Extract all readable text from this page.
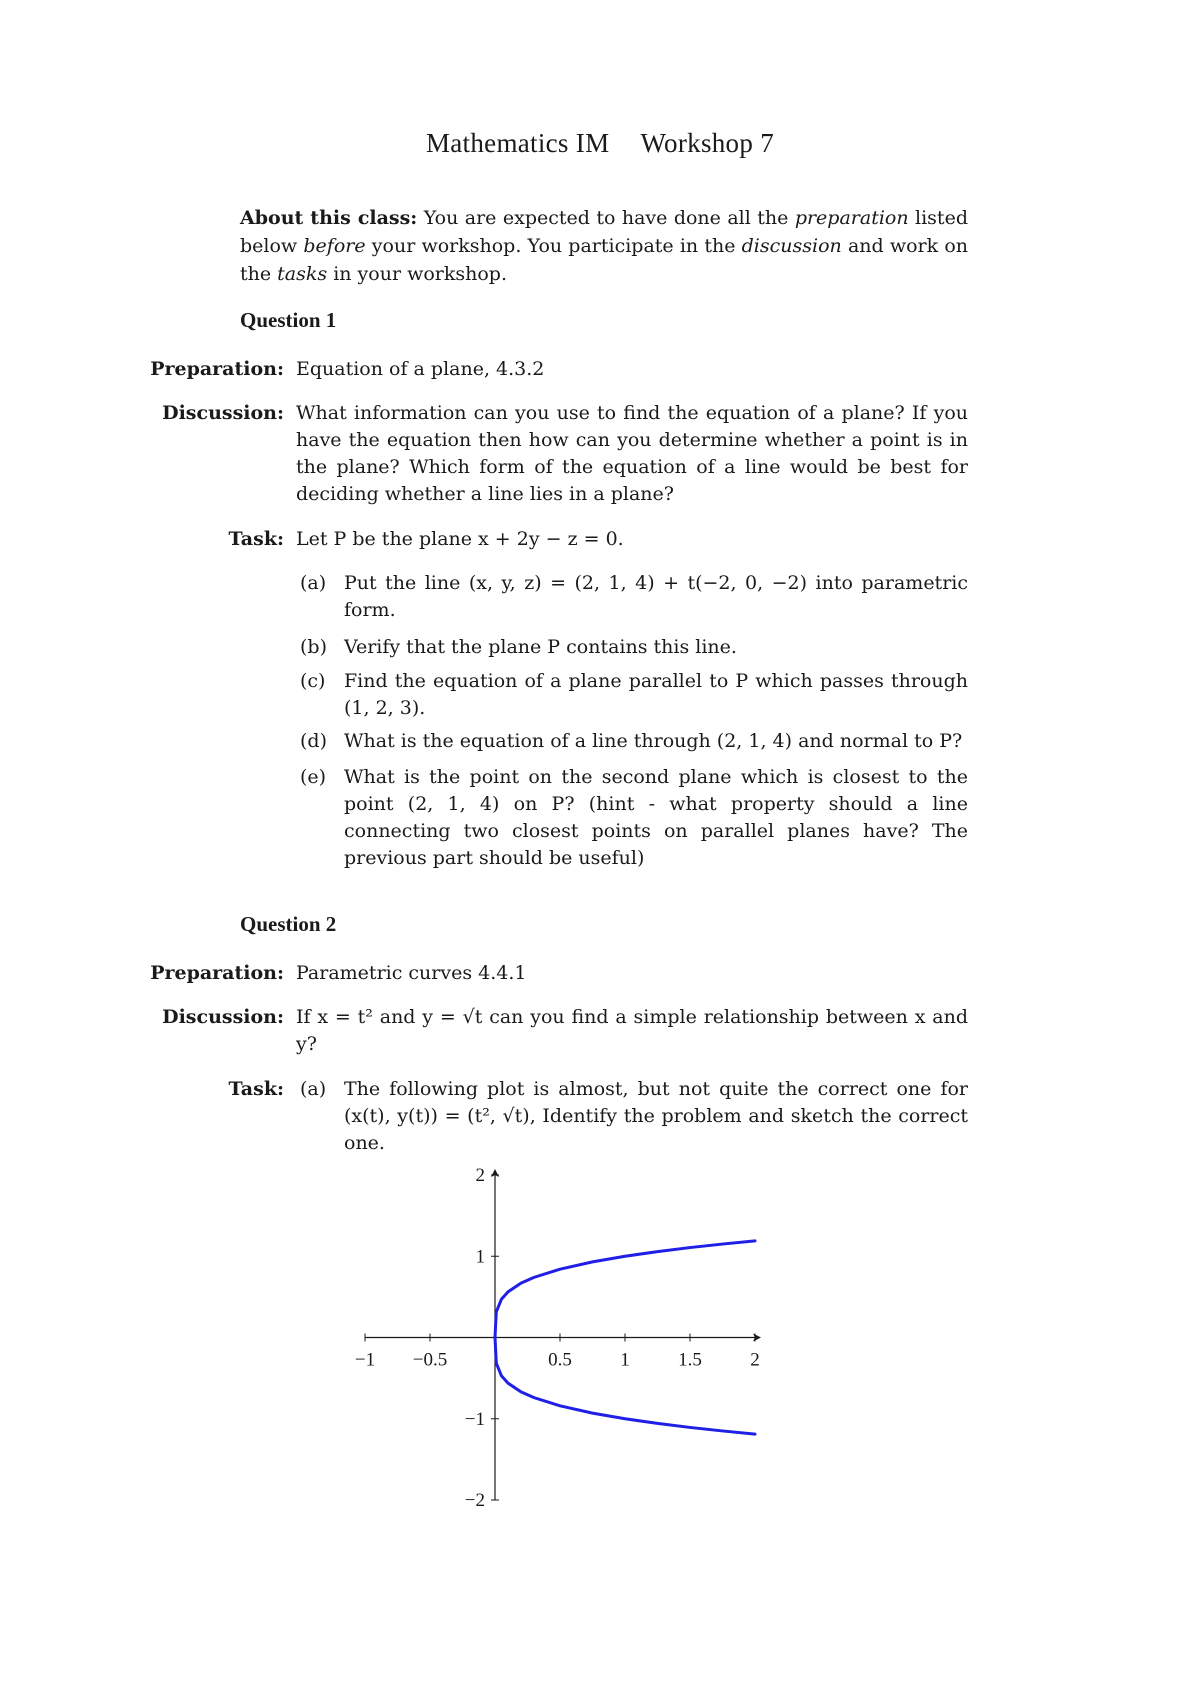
Mathematics IM Workshop 7
About this class: You are expected to have done all the preparation listed below before your workshop. You participate in the discussion and work on the tasks in your workshop.
Question 1
Preparation: Equation of a plane, 4.3.2
Discussion: What information can you use to find the equation of a plane? If you have the equation then how can you determine whether a point is in the plane? Which form of the equation of a line would be best for deciding whether a line lies in a plane?
Task: Let P be the plane x + 2y − z = 0.
(a) Put the line (x, y, z) = (2, 1, 4) + t(−2, 0, −2) into parametric form.
(b) Verify that the plane P contains this line.
(c) Find the equation of a plane parallel to P which passes through (1, 2, 3).
(d) What is the equation of a line through (2, 1, 4) and normal to P?
(e) What is the point on the second plane which is closest to the point (2, 1, 4) on P? (hint - what property should a line connecting two closest points on parallel planes have? The previous part should be useful)
Question 2
Preparation: Parametric curves 4.4.1
Discussion: If x = t² and y = √t can you find a simple relationship between x and y?
Task: (a) The following plot is almost, but not quite the correct one for (x(t), y(t)) = (t², √t), Identify the problem and sketch the correct one.
−1 −0.5	0.5	1	1.5	2
2
1
−1
−2
